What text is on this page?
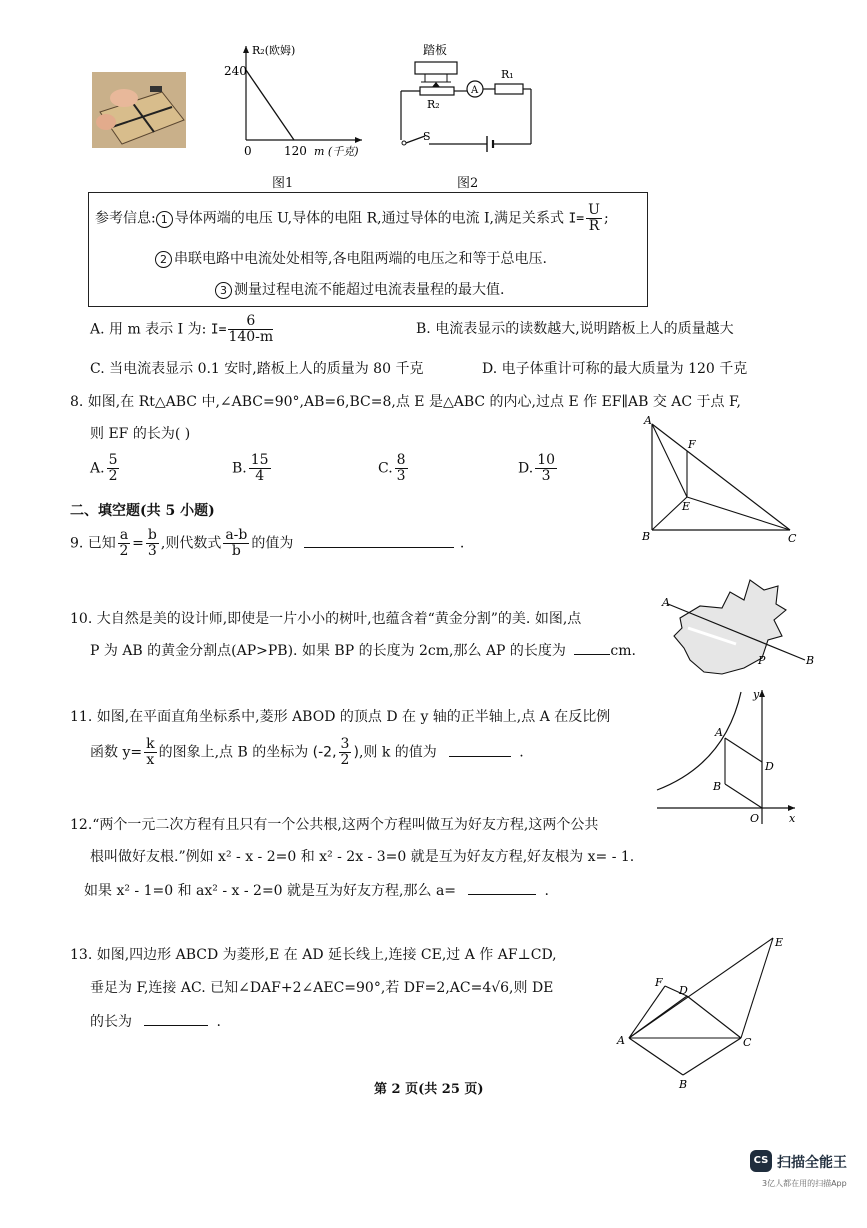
R₂(欧姆)
240
0	120 m (千克)
图1
踏板
A
R₁
R₂
S
图2
参考信息: 1 导体两端的电压 U,导体的电阻 R,通过导体的电流 I,满足关系式 $I= \frac{U}{R}$ ;
2 串联电路中电流处处相等,各电阻两端的电压之和等于总电压.
3 测量过程电流不能超过电流表量程的最大值.
A. 用 m 表示 I 为: $I= \frac{6}{140-m}$	B. 电流表显示的读数越大,说明踏板上人的质量越大
C. 当电流表显示 0.1 安时,踏板上人的质量为 80 千克	D. 电子体重计可称的最大质量为 120 千克
8. 如图,在 Rt△ABC 中,∠ABC=90°,AB=6,BC=8,点 E 是△ABC 的内心,过点 E 作 EF∥AB 交 AC 于点 F,
则 EF 的长为( )
A. $\frac{5}{2}$	B. $\frac{15}{4}$	C. $\frac{8}{3}$	D. $\frac{10}{3}$
A
F
E
B	C
二、填空题(共 5 小题)
9. 已知 $\frac{a}{2} = \frac{b}{3}$ ,则代数式 $\frac{a-b}{b}$ 的值为	.
10. 大自然是美的设计师,即使是一片小小的树叶,也蕴含着“黄金分割”的美. 如图,点
P 为 AB 的黄金分割点(AP>PB). 如果 BP 的长度为 2cm,那么 AP 的长度为	cm.
A
P	B
11. 如图,在平面直角坐标系中,菱形 ABOD 的顶点 D 在 y 轴的正半轴上,点 A 在反比例
函数 $y= \frac{k}{x}$ 的图象上,点 B 的坐标为 (-2, $\frac{3}{2}$ ),则 k 的值为	.
y
A
D
B
O	x
12.“两个一元二次方程有且只有一个公共根,这两个方程叫做互为好友方程,这两个公共
根叫做好友根.”例如 x² - x - 2=0 和 x² - 2x - 3=0 就是互为好友方程,好友根为 x= - 1.
如果 x² - 1=0 和 ax² - x - 2=0 就是互为好友方程,那么 a=	.
13. 如图,四边形 ABCD 为菱形,E 在 AD 延长线上,连接 CE,过 A 作 AF⊥CD,
垂足为 F,连接 AC. 已知∠DAF+2∠AEC=90°,若 DF=2,AC=4√6,则 DE
的长为	.
E
F
D
A	C
B
第 2 页(共 25 页)
CS 扫描全能王
3亿人都在用的扫描App
